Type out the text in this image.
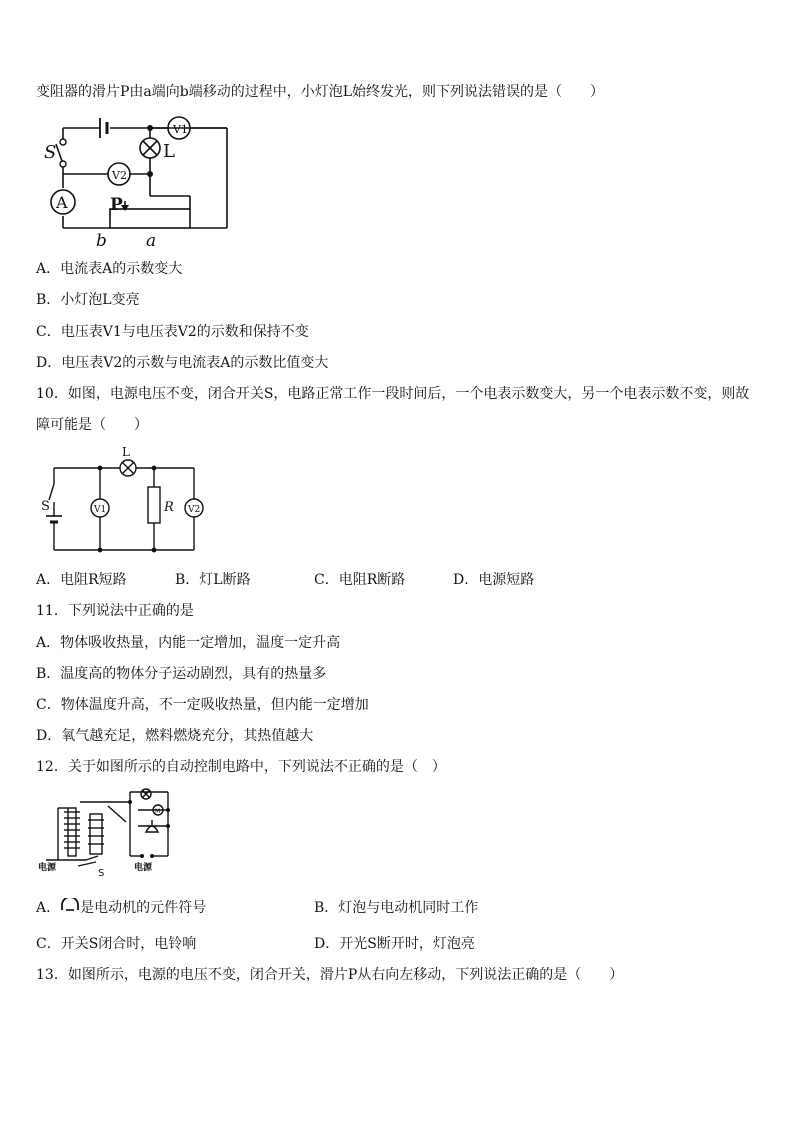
变阻器的滑片P由a端向b端移动的过程中，小灯泡L始终发光，则下列说法错误的是（　　）
S	L
A
V1
V2
P
b a
A．电流表A的示数变大
B．小灯泡L变亮
C．电压表V1与电压表V2的示数和保持不变
D．电压表V2的示数与电流表A的示数比值变大
10．如图，电源电压不变，闭合开关S，电路正常工作一段时间后，一个电表示数变大，另一个电表示数不变，则故
障可能是（　　）
L
S	V1	R V2
A．电阻R短路	B．灯L断路	C．电阻R断路	D．电源短路
11．下列说法中正确的是
A．物体吸收热量，内能一定增加，温度一定升高
B．温度高的物体分子运动剧烈，具有的热量多
C．物体温度升高，不一定吸收热量，但内能一定增加
D．氧气越充足，燃料燃烧充分，其热值越大
12．关于如图所示的自动控制电路中，下列说法不正确的是（　）
M
电源	S	电源
A． 是电动机的元件符号	B．灯泡与电动机同时工作
C．开关S闭合时，电铃响	D．开光S断开时，灯泡亮
13．如图所示，电源的电压不变，闭合开关，滑片P从右向左移动，下列说法正确的是（　　）
